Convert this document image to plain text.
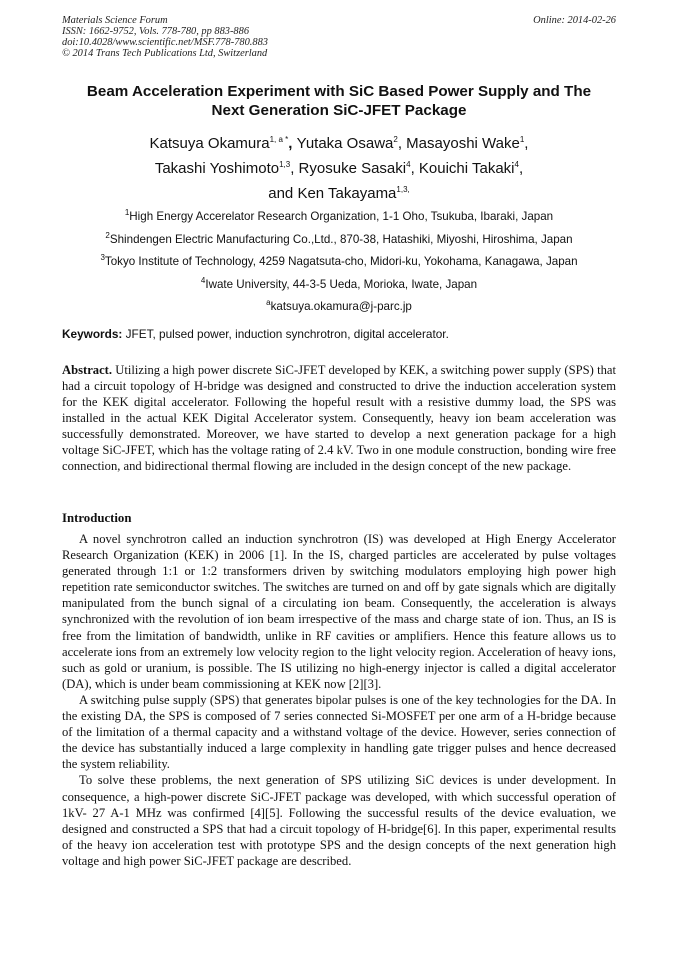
Materials Science Forum
ISSN: 1662-9752, Vols. 778-780, pp 883-886
doi:10.4028/www.scientific.net/MSF.778-780.883
© 2014 Trans Tech Publications Ltd, Switzerland
Online: 2014-02-26
Beam Acceleration Experiment with SiC Based Power Supply and The
Next Generation SiC-JFET Package
Katsuya Okamura$^{1, a *}$, Yutaka Osawa$^2$, Masayoshi Wake$^1$,
Takashi Yoshimoto$^{1,3}$, Ryosuke Sasaki$^4$, Kouichi Takaki$^4$,
and Ken Takayama$^{1,3,}$
$^1$High Energy Accerelator Research Organization, 1-1 Oho, Tsukuba, Ibaraki, Japan
$^2$Shindengen Electric Manufacturing Co.,Ltd., 870-38, Hatashiki, Miyoshi, Hiroshima, Japan
$^3$Tokyo Institute of Technology, 4259 Nagatsuta-cho, Midori-ku, Yokohama, Kanagawa, Japan
$^4$Iwate University, 44-3-5 Ueda, Morioka, Iwate, Japan
$^a$katsuya.okamura@j-parc.jp
Keywords: JFET, pulsed power, induction synchrotron, digital accelerator.
Abstract. Utilizing a high power discrete SiC-JFET developed by KEK, a switching power supply (SPS) that had a circuit topology of H-bridge was designed and constructed to drive the induction acceleration system for the KEK digital accelerator. Following the hopeful result with a resistive dummy load, the SPS was installed in the actual KEK Digital Accelerator system. Consequently, heavy ion beam acceleration was successfully demonstrated. Moreover, we have started to develop a next generation package for a high voltage SiC-JFET, which has the voltage rating of 2.4 kV. Two in one module construction, bonding wire free connection, and bidirectional thermal flowing are included in the design concept of the new package.
Introduction

A novel synchrotron called an induction synchrotron (IS) was developed at High Energy Accelerator Research Organization (KEK) in 2006 [1]. In the IS, charged particles are accelerated by pulse voltages generated through 1:1 or 1:2 transformers driven by switching modulators employing high power high repetition rate semiconductor switches. The switches are turned on and off by gate signals which are digitally manipulated from the bunch signal of a circulating ion beam. Consequently, the acceleration is always synchronized with the revolution of ion beam irrespective of the mass and charge state of ion. Thus, an IS is free from the limitation of bandwidth, unlike in RF cavities or amplifiers. Hence this feature allows us to accelerate ions from an extremely low velocity region to the light velocity region. Acceleration of heavy ions, such as gold or uranium, is possible. The IS utilizing no high-energy injector is called a digital accelerator (DA), which is under beam commissioning at KEK now [2][3].

A switching pulse supply (SPS) that generates bipolar pulses is one of the key technologies for the DA. In the existing DA, the SPS is composed of 7 series connected Si-MOSFET per one arm of a H-bridge because of the limitation of a thermal capacity and a withstand voltage of the device. However, series connection of the device has substantially induced a large complexity in handling gate trigger pulses and hence decreased the system reliability.

To solve these problems, the next generation of SPS utilizing SiC devices is under development. In consequence, a high-power discrete SiC-JFET package was developed, with which successful operation of 1kV- 27 A-1 MHz was confirmed [4][5]. Following the successful results of the device evaluation, we designed and constructed a SPS that had a circuit topology of H-bridge[6]. In this paper, experimental results of the heavy ion acceleration test with prototype SPS and the design concepts of the next generation high voltage and high power SiC-JFET package are described.
